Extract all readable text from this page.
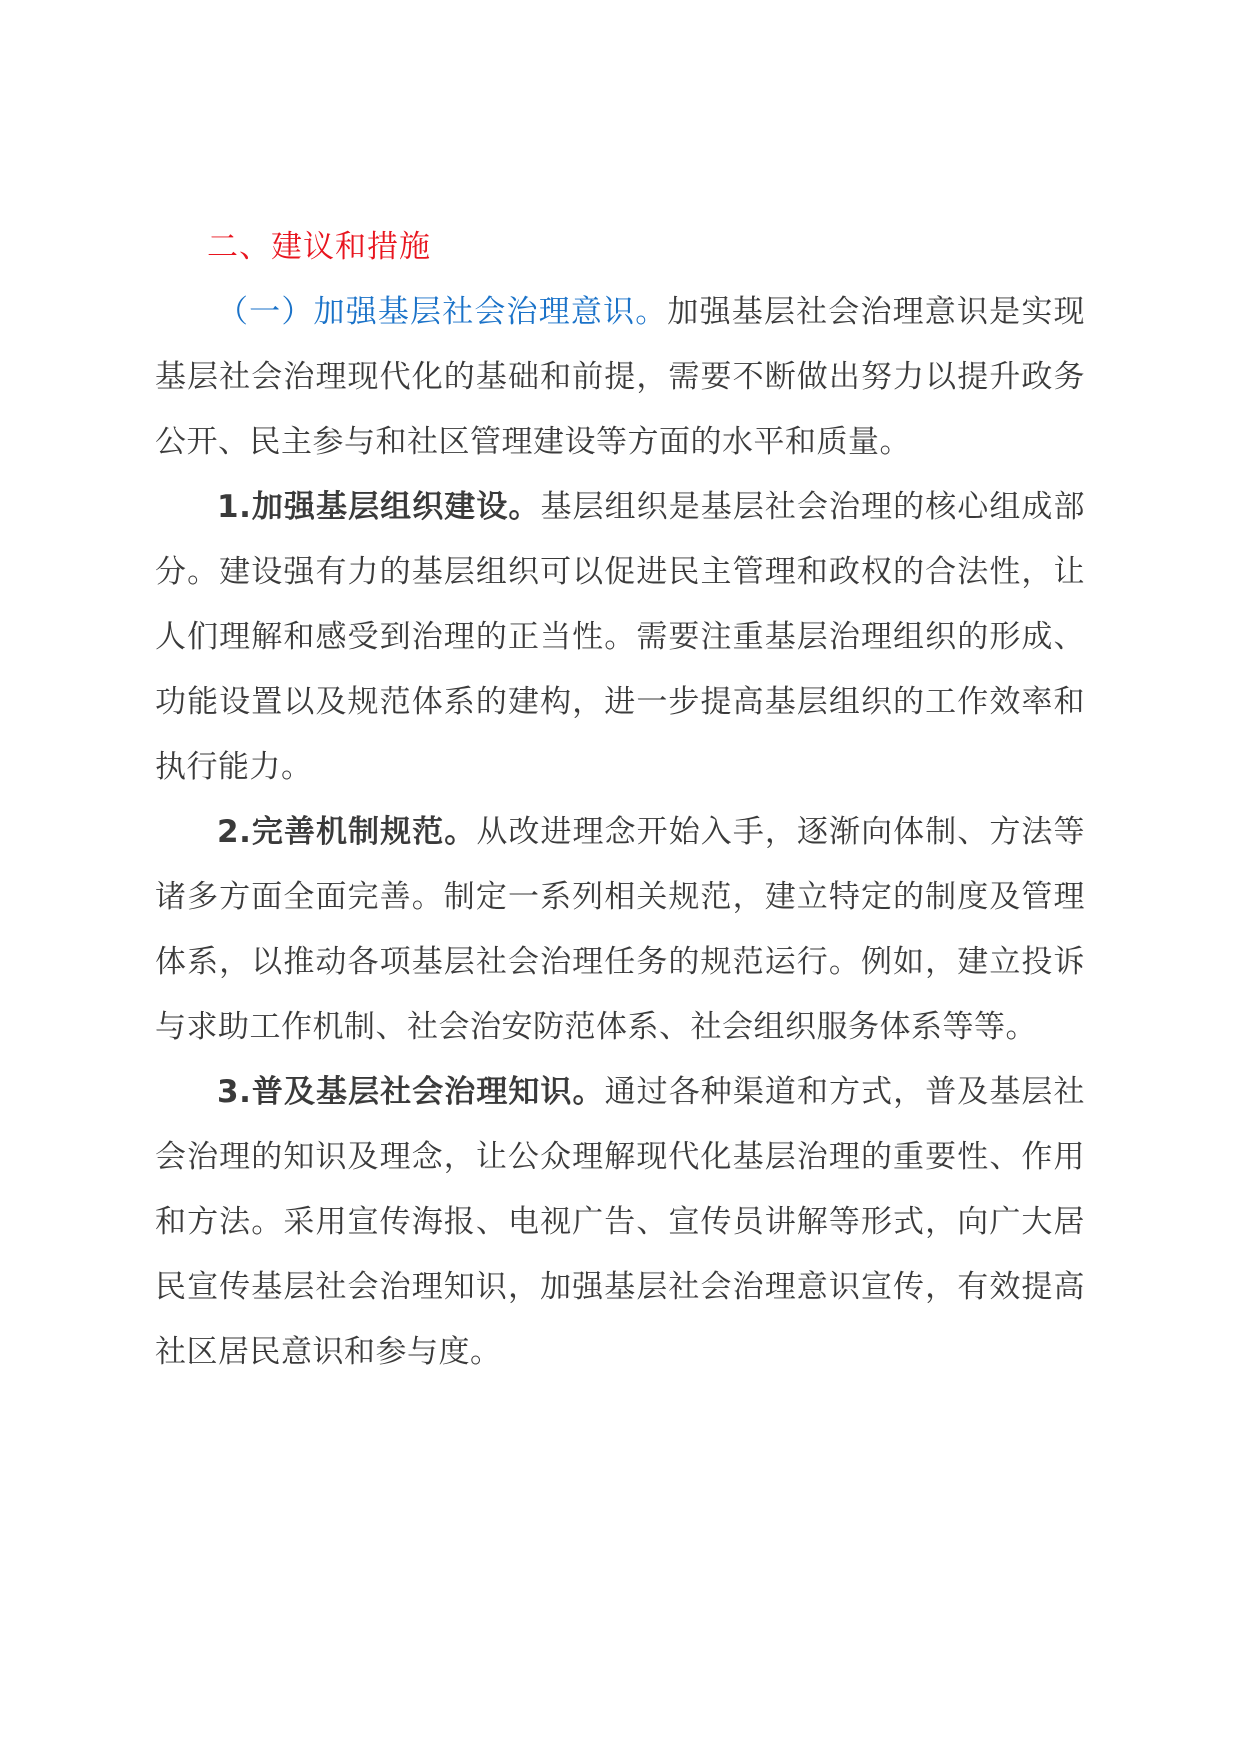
二、建议和措施

（一）加强基层社会治理意识。加强基层社会治理意识是实现基层社会治理现代化的基础和前提，需要不断做出努力以提升政务公开、民主参与和社区管理建设等方面的水平和质量。

1.加强基层组织建设。基层组织是基层社会治理的核心组成部分。建设强有力的基层组织可以促进民主管理和政权的合法性，让人们理解和感受到治理的正当性。需要注重基层治理组织的形成、功能设置以及规范体系的建构，进一步提高基层组织的工作效率和执行能力。

2.完善机制规范。从改进理念开始入手，逐渐向体制、方法等诸多方面全面完善。制定一系列相关规范，建立特定的制度及管理体系，以推动各项基层社会治理任务的规范运行。例如，建立投诉与求助工作机制、社会治安防范体系、社会组织服务体系等等。

3.普及基层社会治理知识。通过各种渠道和方式，普及基层社会治理的知识及理念，让公众理解现代化基层治理的重要性、作用和方法。采用宣传海报、电视广告、宣传员讲解等形式，向广大居民宣传基层社会治理知识，加强基层社会治理意识宣传，有效提高社区居民意识和参与度。
